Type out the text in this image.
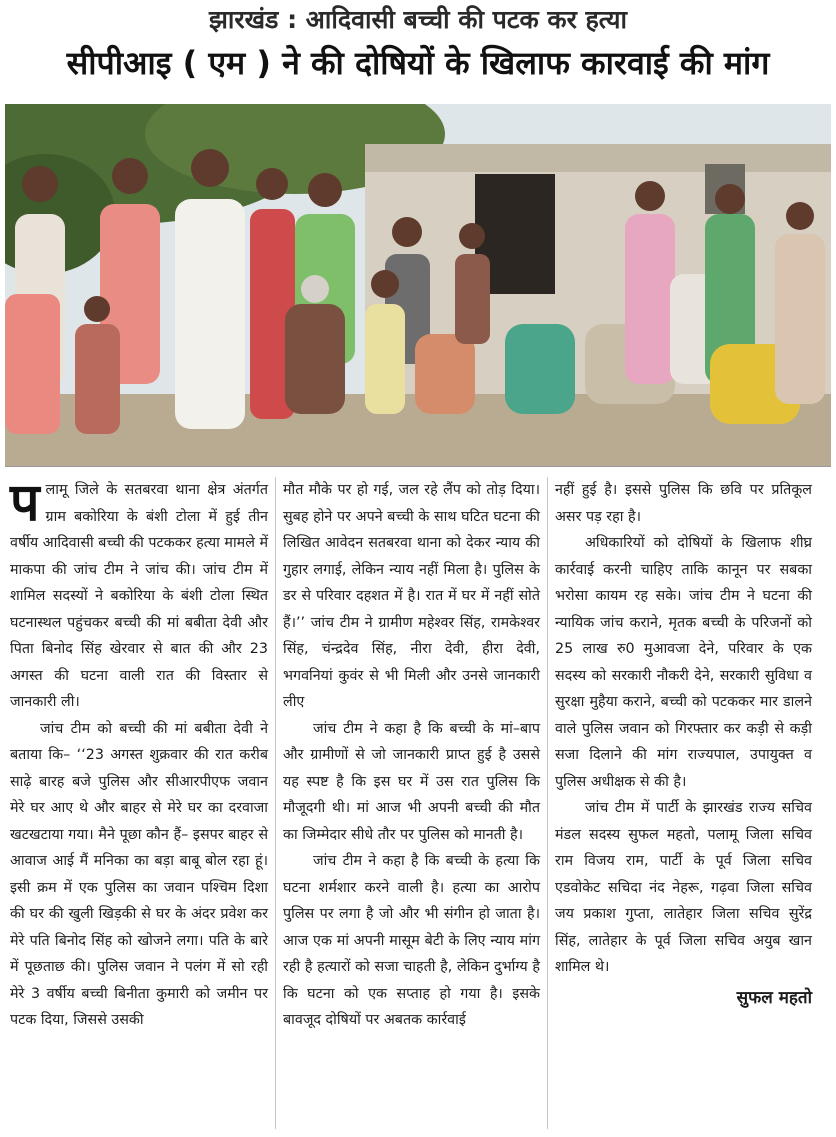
झारखंड : आदिवासी बच्ची की पटक कर हत्या
सीपीआइ ( एम ) ने की दोषियों के खिलाफ कारवाई की मांग

प लामू जिले के सतबरवा थाना क्षेत्र अंतर्गत ग्राम बकोरिया के बंशी टोला में हुई तीन वर्षीय आदिवासी बच्ची की पटककर हत्या मामले में माकपा की जांच टीम ने जांच की। जांच टीम में शामिल सदस्यों ने बकोरिया के बंशी टोला स्थित घटनास्थल पहुंचकर बच्ची की मां बबीता देवी और पिता बिनोद सिंह खेरवार से बात की और 23 अगस्त की घटना वाली रात की विस्तार से जानकारी ली।

जांच टीम को बच्ची की मां बबीता देवी ने बताया कि– ‘‘23 अगस्त शुक्रवार की रात करीब साढ़े बारह बजे पुलिस और सीआरपीएफ जवान मेरे घर आए थे और बाहर से मेरे घर का दरवाजा खटखटाया गया। मैने पूछा कौन हैं– इसपर बाहर से आवाज आई मैं मनिका का बड़ा बाबू बोल रहा हूं। इसी क्रम में एक पुलिस का जवान पश्चिम दिशा की घर की खुली खिड़की से घर के अंदर प्रवेश कर मेरे पति बिनोद सिंह को खोजने लगा। पति के बारे में पूछताछ की। पुलिस जवान ने पलंग में सो रही मेरे 3 वर्षीय बच्ची बिनीता कुमारी को जमीन पर पटक दिया, जिससे उसकी

मौत मौके पर हो गई, जल रहे लैंप को तोड़ दिया। सुबह होने पर अपने बच्ची के साथ घटित घटना की लिखित आवेदन सतबरवा थाना को देकर न्याय की गुहार लगाई, लेकिन न्याय नहीं मिला है। पुलिस के डर से परिवार दहशत में है। रात में घर में नहीं सोते हैं।’’ जांच टीम ने ग्रामीण महेश्वर सिंह, रामकेश्वर सिंह, चंन्द्रदेव सिंह, नीरा देवी, हीरा देवी, भगवनियां कुवंर से भी मिली और उनसे जानकारी लीए

जांच टीम ने कहा है कि बच्ची के मां–बाप और ग्रामीणों से जो जानकारी प्राप्त हुई है उससे यह स्पष्ट है कि इस घर में उस रात पुलिस कि मौजूदगी थी। मां आज भी अपनी बच्ची की मौत का जिम्मेदार सीधे तौर पर पुलिस को मानती है।

जांच टीम ने कहा है कि बच्ची के हत्या कि घटना शर्मशार करने वाली है। हत्या का आरोप पुलिस पर लगा है जो और भी संगीन हो जाता है। आज एक मां अपनी मासूम बेटी के लिए न्याय मांग रही है हत्यारों को सजा चाहती है, लेकिन दुर्भाग्य है कि घटना को एक सप्ताह हो गया है। इसके बावजूद दोषियों पर अबतक कार्रवाई

नहीं हुई है। इससे पुलिस कि छवि पर प्रतिकूल असर पड़ रहा है।

अधिकारियों को दोषियों के खिलाफ शीघ्र कार्रवाई करनी चाहिए ताकि कानून पर सबका भरोसा कायम रह सके। जांच टीम ने घटना की न्यायिक जांच कराने, मृतक बच्ची के परिजनों को 25 लाख रु0 मुआवजा देने, परिवार के एक सदस्य को सरकारी नौकरी देने, सरकारी सुविधा व सुरक्षा मुहैया कराने, बच्ची को पटककर मार डालने वाले पुलिस जवान को गिरफ्तार कर कड़ी से कड़ी सजा दिलाने की मांग राज्यपाल, उपायुक्त व पुलिस अधीक्षक से की है।

जांच टीम में पार्टी के झारखंड राज्य सचिव मंडल सदस्य सुफल महतो, पलामू जिला सचिव राम विजय राम, पार्टी के पूर्व जिला सचिव एडवोकेट सचिदा नंद नेहरू, गढ़वा जिला सचिव जय प्रकाश गुप्ता, लातेहार जिला सचिव सुरेंद्र सिंह, लातेहार के पूर्व जिला सचिव अयुब खान शामिल थे।

सुफल महतो
